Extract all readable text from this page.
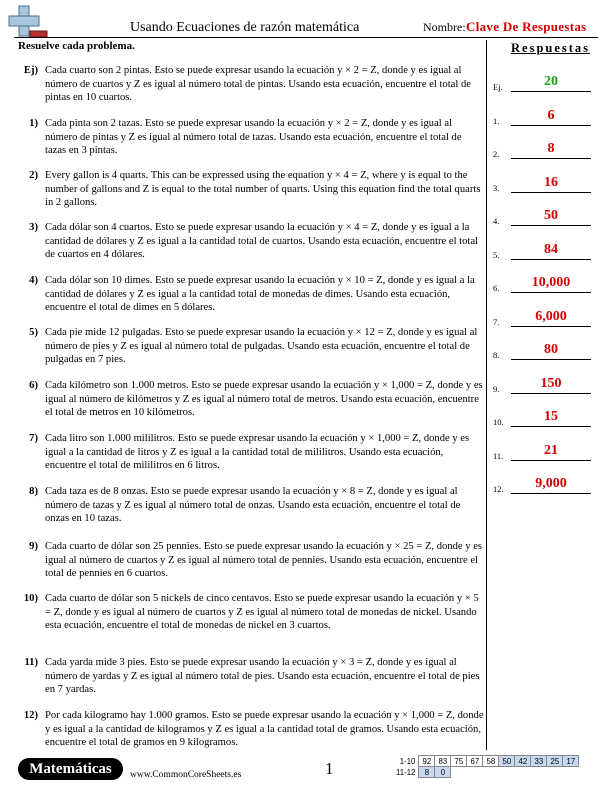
Usando Ecuaciones de razón matemática	Nombre: Clave De Respuestas
Resuelve cada problema.	Respuestas
Ej) Cada cuarto son 2 pintas. Esto se puede expresar usando la ecuación y × 2 = Z, donde y es igual al número de cuartos y Z es igual al número total de pintas. Usando esta ecuación, encuentre el total de pintas en 10 cuartos.
1) Cada pinta son 2 tazas. Esto se puede expresar usando la ecuación y × 2 = Z, donde y es igual al número de pintas y Z es igual al número total de tazas. Usando esta ecuación, encuentre el total de tazas en 3 pintas.
2) Every gallon is 4 quarts. This can be expressed using the equation y × 4 = Z, where y is equal to the number of gallons and Z is equal to the total number of quarts. Using this equation find the total quarts in 2 gallons.
3) Cada dólar son 4 cuartos. Esto se puede expresar usando la ecuación y × 4 = Z, donde y es igual a la cantidad de dólares y Z es igual a la cantidad total de cuartos. Usando esta ecuación, encuentre el total de cuartos en 4 dólares.
4) Cada dólar son 10 dimes. Esto se puede expresar usando la ecuación y × 10 = Z, donde y es igual a la cantidad de dólares y Z es igual a la cantidad total de monedas de dimes. Usando esta ecuación, encuentre el total de dimes en 5 dólares.
5) Cada pie mide 12 pulgadas. Esto se puede expresar usando la ecuación y × 12 = Z, donde y es igual al número de pies y Z es igual al número total de pulgadas. Usando esta ecuación, encuentre el total de pulgadas en 7 pies.
6) Cada kilómetro son 1.000 metros. Esto se puede expresar usando la ecuación y × 1,000 = Z, donde y es igual al número de kilómetros y Z es igual al número total de metros. Usando esta ecuación, encuentre el total de metros en 10 kilómetros.
7) Cada litro son 1.000 mililitros. Esto se puede expresar usando la ecuación y × 1,000 = Z, donde y es igual a la cantidad de litros y Z es igual a la cantidad total de mililitros. Usando esta ecuación, encuentre el total de mililitros en 6 litros.
8) Cada taza es de 8 onzas. Esto se puede expresar usando la ecuación y × 8 = Z, donde y es igual al número de tazas y Z es igual al número total de onzas. Usando esta ecuación, encuentre el total de onzas en 10 tazas.
9) Cada cuarto de dólar son 25 pennies. Esto se puede expresar usando la ecuación y × 25 = Z, donde y es igual al número de cuartos y Z es igual al número total de pennies. Usando esta ecuación, encuentre el total de pennies en 6 cuartos.
10) Cada cuarto de dólar son 5 nickels de cinco centavos. Esto se puede expresar usando la ecuación y × 5 = Z, donde y es igual al número de cuartos y Z es igual al número total de monedas de nickel. Usando esta ecuación, encuentre el total de monedas de nickel en 3 cuartos.
11) Cada yarda mide 3 pies. Esto se puede expresar usando la ecuación y × 3 = Z, donde y es igual al número de yardas y Z es igual al número total de pies. Usando esta ecuación, encuentre el total de pies en 7 yardas.
12) Por cada kilogramo hay 1.000 gramos. Esto se puede expresar usando la ecuación y × 1,000 = Z, donde y es igual a la cantidad de kilogramos y Z es igual a la cantidad total de gramos. Usando esta ecuación, encuentre el total de gramos en 9 kilogramos.
Ej.	20
1.	6
2.	8
3.	16
4.	50
5.	84
6.	10,000
7.	6,000
8.	80
9.	150
10.	15
11.	21
12.	9,000
Matemáticas	www.CommonCoreSheets.es	1	1-10	92	83	75	67	58	50	42	33	25	17
11-12	8	0								
